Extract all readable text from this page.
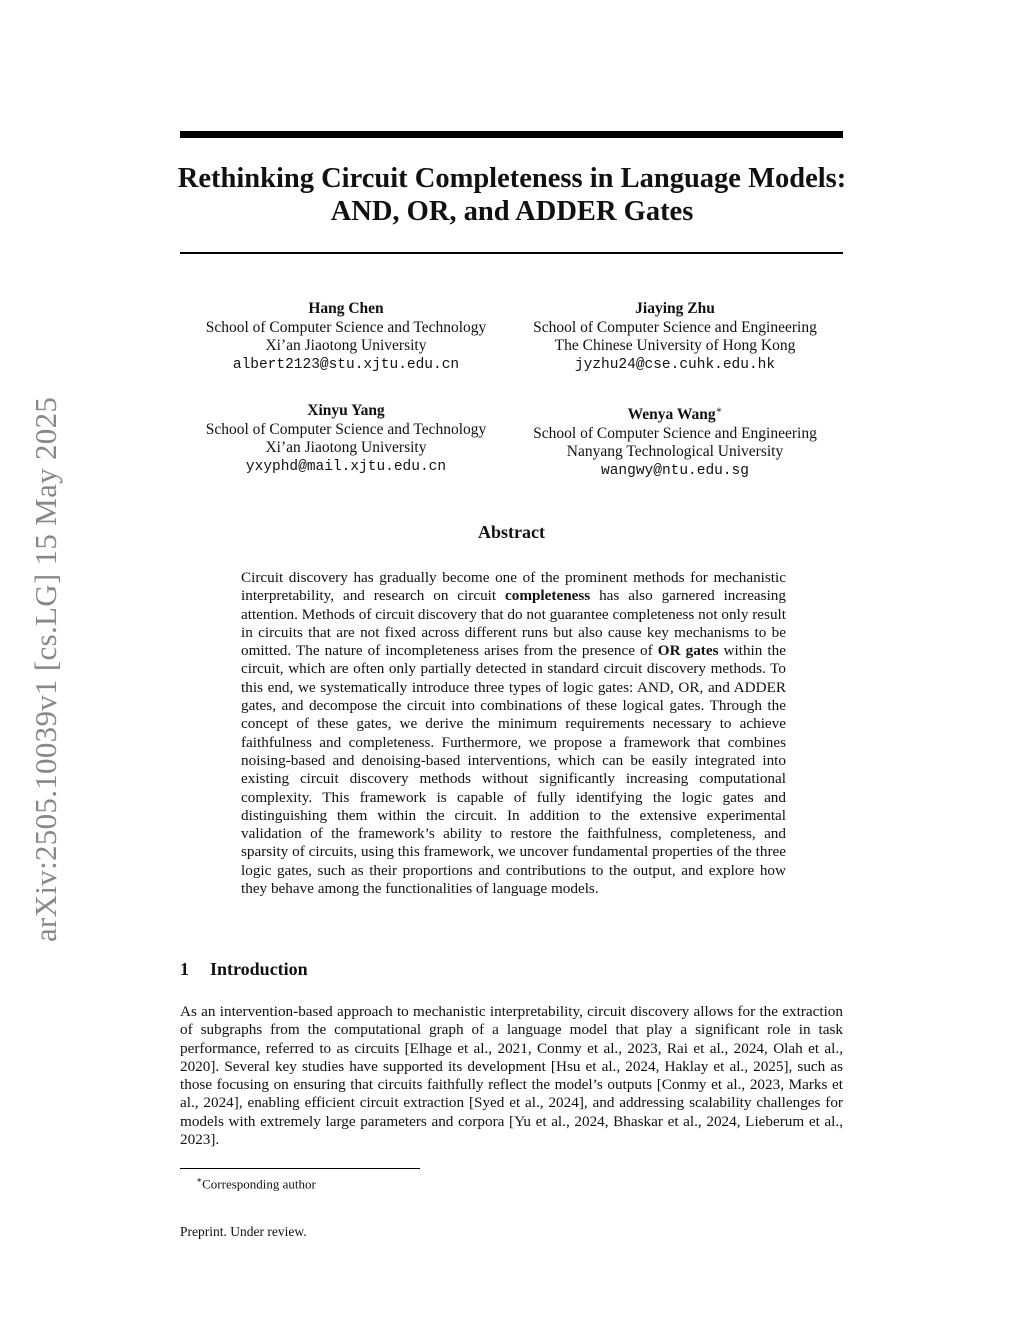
arXiv:2505.10039v1 [cs.LG] 15 May 2025
Rethinking Circuit Completeness in Language Models:
AND, OR, and ADDER Gates
Hang Chen
School of Computer Science and Technology
Xi’an Jiaotong University
albert2123@stu.xjtu.edu.cn
Jiaying Zhu
School of Computer Science and Engineering
The Chinese University of Hong Kong
jyzhu24@cse.cuhk.edu.hk
Xinyu Yang
School of Computer Science and Technology
Xi’an Jiaotong University
yxyphd@mail.xjtu.edu.cn
Wenya Wang∗
School of Computer Science and Engineering
Nanyang Technological University
wangwy@ntu.edu.sg
Abstract

Circuit discovery has gradually become one of the prominent methods for mechanistic interpretability, and research on circuit completeness has also garnered increasing attention. Methods of circuit discovery that do not guarantee completeness not only result in circuits that are not fixed across different runs but also cause key mechanisms to be omitted. The nature of incompleteness arises from the presence of OR gates within the circuit, which are often only partially detected in standard circuit discovery methods. To this end, we systematically introduce three types of logic gates: AND, OR, and ADDER gates, and decompose the circuit into combinations of these logical gates. Through the concept of these gates, we derive the minimum requirements necessary to achieve faithfulness and completeness. Furthermore, we propose a framework that combines noising-based and denoising-based interventions, which can be easily integrated into existing circuit discovery methods without significantly increasing computational complexity. This framework is capable of fully identifying the logic gates and distinguishing them within the circuit. In addition to the extensive experimental validation of the framework’s ability to restore the faithfulness, completeness, and sparsity of circuits, using this framework, we uncover fundamental properties of the three logic gates, such as their proportions and contributions to the output, and explore how they behave among the functionalities of language models.

1 Introduction

As an intervention-based approach to mechanistic interpretability, circuit discovery allows for the extraction of subgraphs from the computational graph of a language model that play a significant role in task performance, referred to as circuits [Elhage et al., 2021, Conmy et al., 2023, Rai et al., 2024, Olah et al., 2020]. Several key studies have supported its development [Hsu et al., 2024, Haklay et al., 2025], such as those focusing on ensuring that circuits faithfully reflect the model’s outputs [Conmy et al., 2023, Marks et al., 2024], enabling efficient circuit extraction [Syed et al., 2024], and addressing scalability challenges for models with extremely large parameters and corpora [Yu et al., 2024, Bhaskar et al., 2024, Lieberum et al., 2023].

∗Corresponding author
Preprint. Under review.
